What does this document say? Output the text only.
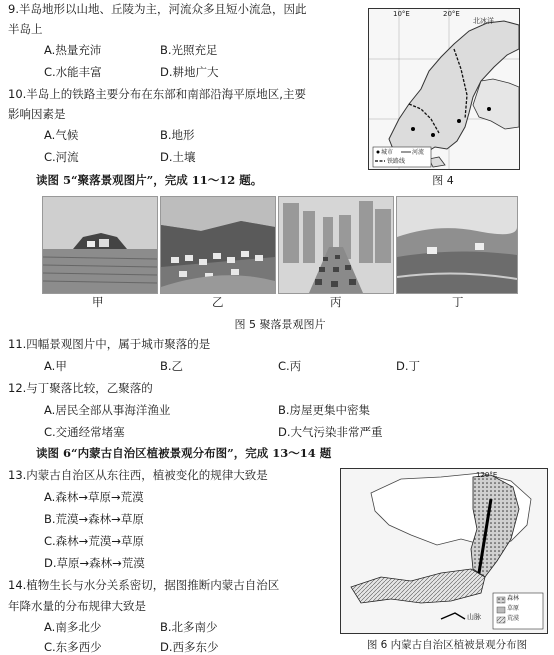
9.半岛地形以山地、丘陵为主，河流众多且短小流急，因此
半岛上
A.热量充沛	B.光照充足
C.水能丰富	D.耕地广大
10.半岛上的铁路主要分布在东部和南部沿海平原地区,主要
影响因素是
A.气候	B.地形
C.河流	D.土壤
10°E	20°E
北冰洋
城市	河流
铁路线
图 4
读图 5“聚落景观图片”，完成 11～12 题。
甲	乙	丙	丁
图 5 聚落景观图片
11.四幅景观图片中，属于城市聚落的是
A.甲	B.乙	C.丙	D.丁
12.与丁聚落比较，乙聚落的
A.居民全部从事海洋渔业	B.房屋更集中密集
C.交通经常堵塞	D.大气污染非常严重
读图 6“内蒙古自治区植被景观分布图”，完成 13～14 题
13.内蒙古自治区从东往西，植被变化的规律大致是
A.森林→草原→荒漠
B.荒漠→森林→草原
C.森林→荒漠→草原
D.草原→森林→荒漠
14.植物生长与水分关系密切，据图推断内蒙古自治区
年降水量的分布规律大致是
A.南多北少	B.北多南少
C.东多西少	D.西多东少
120°E
森林
草原
荒漠
山脉
图 6 内蒙古自治区植被景观分布图
